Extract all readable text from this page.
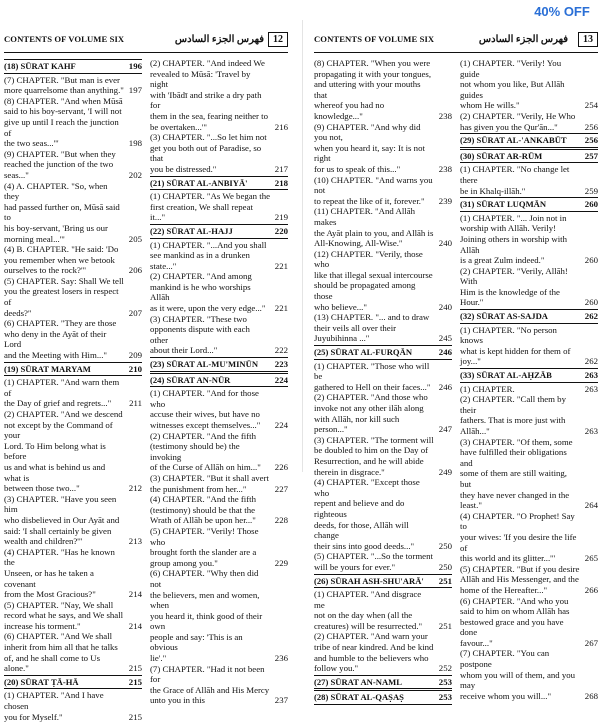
CONTENTS OF VOLUME SIX	فهرس الجزء السادس 12
(18) SŪRAT KAHF	196
(7) CHAPTER. "But man is ever
more quarrelsome than anything." 197
(8) CHAPTER. "And when Mūsā
said to his boy-servant, 'I will not
give up until I reach the junction of
the two seas...'"	198
(9) CHAPTER. "But when they
reached the junction of the two
seas..."	202
(4) A. CHAPTER. "So, when they
had passed further on, Mūsā said to
his boy-servant, 'Bring us our
morning meal...'"	205
(4) B. CHAPTER. "He said: 'Do
you remember when we betook
ourselves to the rock?'"	206
(5) CHAPTER. Say: Shall We tell
you the greatest losers in respect of
deeds?"	207
(6) CHAPTER. "They are those
who deny in the Ayāt of their Lord
and the Meeting with Him..."	209
(19) SŪRAT MARYAM	210
(1) CHAPTER. "And warn them of
the Day of grief and regrets..."	211
(2) CHAPTER. "And we descend
not except by the Command of your
Lord. To Him belong what is before
us and what is behind us and what is
between those two..."	212
(3) CHAPTER. "Have you seen him
who disbelieved in Our Ayāt and
said: 'I shall certainly be given
wealth and children?'"	213
(4) CHAPTER. "Has he known the
Unseen, or has he taken a covenant
from the Most Gracious?"	214
(5) CHAPTER. "Nay, We shall
record what he says, and We shall
increase his torment."	214
(6) CHAPTER. "And We shall
inherit from him all that he talks
of, and he shall come to Us alone."	215
(20) SŪRAT ṬĀ-HĀ	215
(1) CHAPTER. "And I have chosen
you for Myself."	215
(2) CHAPTER. "And indeed We
revealed to Mūsā: 'Travel by night
with 'Ibādī and strike a dry path for
them in the sea, fearing neither to
be overtaken...'"	216
(3) CHAPTER. "...So let him not
get you both out of Paradise, so that
you be distressed."	217
(21) SŪRAT AL-ANBIYĀ'	218
(1) CHAPTER. "As We began the
first creation, We shall repeat it..."	219
(22) SŪRAT AL-HAJJ	220
(1) CHAPTER. "...And you shall
see mankind as in a drunken
state..."	221
(2) CHAPTER. "And among
mankind is he who worships Allāh
as it were, upon the very edge..."	221
(3) CHAPTER. "These two
opponents dispute with each other
about their Lord..."	222
(23) SŪRAT AL-MU'MINŪN	223
(24) SŪRAT AN-NŪR	224
(1) CHAPTER. "And for those who
accuse their wives, but have no
witnesses except themselves..."	224
(2) CHAPTER. "And the fifth
(testimony should be) the invoking
of the Curse of Allāh on him..."	226
(3) CHAPTER. "But it shall avert
the punishment from her..."	227
(4) CHAPTER. "And the fifth
(testimony) should be that the
Wrath of Allāh be upon her..."	228
(5) CHAPTER. "Verily! Those who
brought forth the slander are a
group among you."	229
(6) CHAPTER. "Why then did not
the believers, men and women, when
you heard it, think good of their own
people and say: 'This is an obvious
lie'."	236
(7) CHAPTER. "Had it not been for
the Grace of Allāh and His Mercy
unto you in this	237
CONTENTS OF VOLUME SIX	فهرس الجزء السادس	13
(8) CHAPTER. "When you were
propagating it with your tongues,
and uttering with your mouths that
whereof you had no knowledge..."	238
(9) CHAPTER. "And why did you not,
when you heard it, say: It is not right
for us to speak of this..."	238
(10) CHAPTER. "And warns you not
to repeat the like of it, forever."	239
(11) CHAPTER. "And Allāh makes
the Ayāt plain to you, and Allāh is
All-Knowing, All-Wise."	240
(12) CHAPTER. "Verily, those who
like that illegal sexual intercourse
should be propagated among those
who believe..."	240
(13) CHAPTER. "... and to draw
their veils all over their
Juyubihinna ..."	245
(25) SŪRAT AL-FURQĀN	246
(1) CHAPTER. "Those who will be
gathered to Hell on their faces..." 246
(2) CHAPTER. "And those who
invoke not any other ilāh along
with Allāh, nor kill such person..."	247
(3) CHAPTER. "The torment will
be doubled to him on the Day of
Resurrection, and he will abide
therein in disgrace."	249
(4) CHAPTER. "Except those who
repent and believe and do righteous
deeds, for those, Allāh will change
their sins into good deeds..."	250
(5) CHAPTER. "...So the torment
will be yours for ever."	250
(26) SŪRAH ASH-SHU'ARĀ'	251
(1) CHAPTER. "And disgrace me
not on the day when (all the
creatures) will be resurrected."	251
(2) CHAPTER. "And warn your
tribe of near kindred. And be kind
and humble to the believers who
follow you."	252
(27) SŪRAT AN-NAML	253
(28) SŪRAT AL-QAṢAṢ	253
(1) CHAPTER. "Verily! You guide
not whom you like, But Allāh guides
whom He wills."	254
(2) CHAPTER. "Verily, He Who
has given you the Qur'ān..."	256
(29) SŪRAT AL-'ANKABŪT	256
(30) SŪRAT AR-RŪM	257
(1) CHAPTER. "No change let there
be in Khalq-illāh."	259
(31) SŪRAT LUQMĀN	260
(1) CHAPTER. "... Join not in
worship with Allāh. Verily!
Joining others in worship with Allāh
is a great Zulm indeed."	260
(2) CHAPTER. "Verily, Allāh! With
Him is the knowledge of the
Hour."	260
(32) SŪRAT AS-SAJDA	262
(1) CHAPTER. "No person knows
what is kept hidden for them of
joy..."	262
(33) SŪRAT AL-AḤZĀB	263
(1) CHAPTER.	263
(2) CHAPTER. "Call them by their
fathers. That is more just with
Allāh..."	263
(3) CHAPTER. "Of them, some
have fulfilled their obligations and
some of them are still waiting, but
they have never changed in the
least."	264
(4) CHAPTER. "O Prophet! Say to
your wives: 'If you desire the life of
this world and its glitter...'"	265
(5) CHAPTER. "But if you desire
Allāh and His Messenger, and the
home of the Hereafter..."	266
(6) CHAPTER. "And who you
said to him on whom Allāh has
bestowed grace and you have done
favour..."	267
(7) CHAPTER. "You can postpone
whom you will of them, and you may
receive whom you will..."	268
40% OFF
